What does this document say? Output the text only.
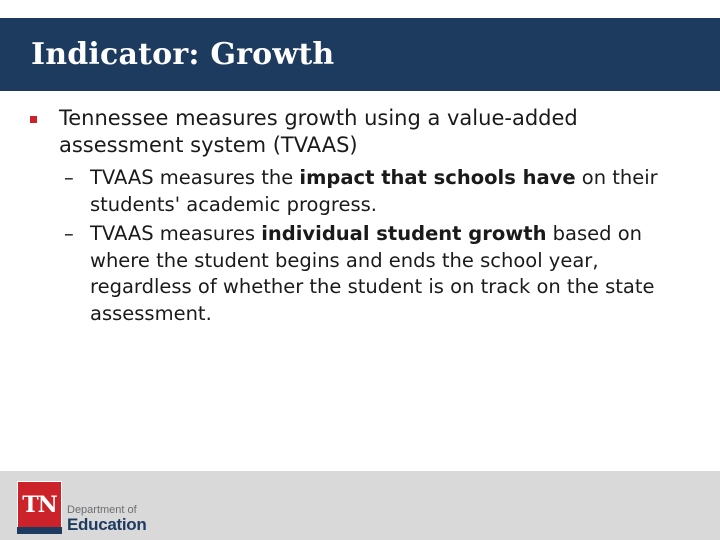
Indicator: Growth
Tennessee measures growth using a value-added assessment system (TVAAS)
– TVAAS measures the impact that schools have on their students' academic progress.
– TVAAS measures individual student growth based on where the student begins and ends the school year, regardless of whether the student is on track on the state assessment.
TN Department of
Education
